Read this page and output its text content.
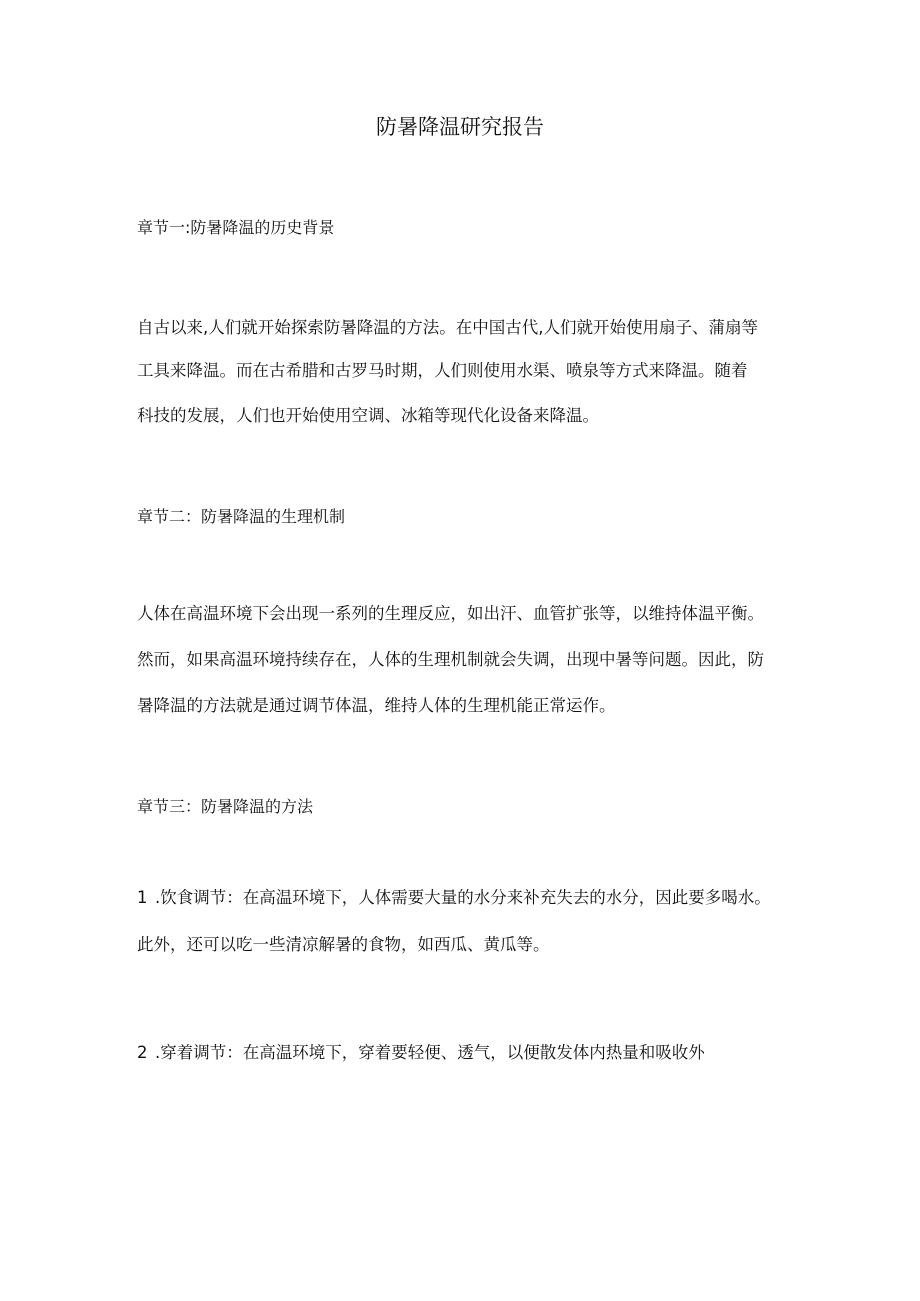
防暑降温研究报告
章节一:防暑降温的历史背景
自古以来,人们就开始探索防暑降温的方法。在中国古代,人们就开始使用扇子、蒲扇等
工具来降温。而在古希腊和古罗马时期，人们则使用水渠、喷泉等方式来降温。随着
科技的发展，人们也开始使用空调、冰箱等现代化设备来降温。
章节二：防暑降温的生理机制
人体在高温环境下会出现一系列的生理反应，如出汗、血管扩张等，以维持体温平衡。
然而，如果高温环境持续存在，人体的生理机制就会失调，出现中暑等问题。因此，防
暑降温的方法就是通过调节体温，维持人体的生理机能正常运作。
章节三：防暑降温的方法
1 .饮食调节：在高温环境下，人体需要大量的水分来补充失去的水分，因此要多喝水。
此外，还可以吃一些清凉解暑的食物，如西瓜、黄瓜等。
2 .穿着调节：在高温环境下，穿着要轻便、透气，以便散发体内热量和吸收外
